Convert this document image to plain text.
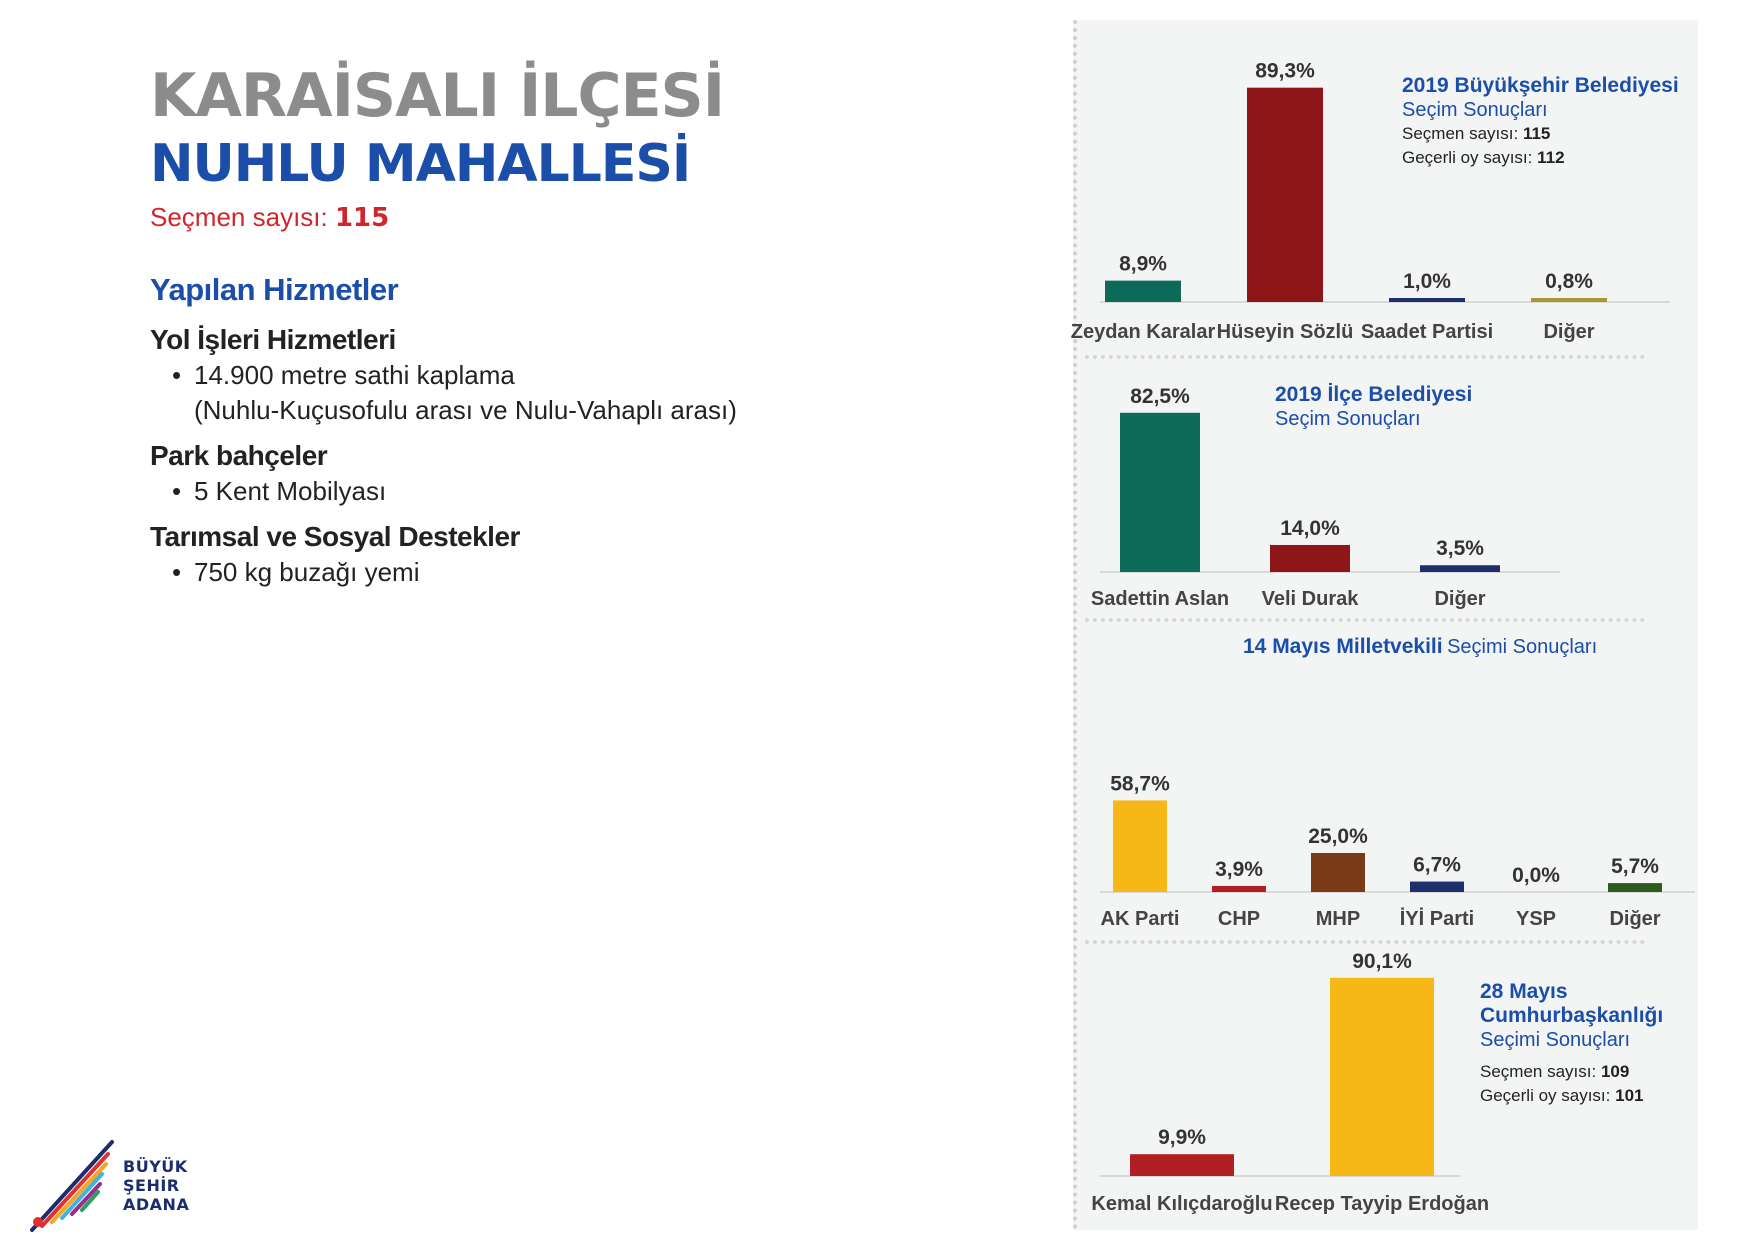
KARAİSALI İLÇESİ
NUHLU MAHALLESİ
Seçmen sayısı: 115
Yapılan Hizmetler
Yol İşleri Hizmetleri
• 14.900 metre sathi kaplama
(Nuhlu-Kuçusofulu arası ve Nulu-Vahaplı arası)
Park bahçeler
• 5 Kent Mobilyası
Tarımsal ve Sosyal Destekler
• 750 kg buzağı yemi
2019 Büyükşehir Belediyesi
Seçim Sonuçları
Seçmen sayısı: 115
Geçerli oy sayısı: 112
2019 İlçe Belediyesi
Seçim Sonuçları
14 Mayıs Milletvekili Seçimi Sonuçları
28 Mayıs
Cumhurbaşkanlığı
Seçimi Sonuçları
Seçmen sayısı: 109
Geçerli oy sayısı: 101
8,9%
Zeydan Karalar
89,3%
Hüseyin Sözlü
1,0%
Saadet Partisi
0,8%
Diğer
82,5%
Sadettin Aslan
14,0%
Veli Durak
3,5%
Diğer
58,7%
AK Parti
3,9%
CHP
25,0%
MHP
6,7%
İYİ Parti
0,0%
YSP
5,7%
Diğer
9,9%
Kemal Kılıçdaroğlu
90,1%
Recep Tayyip Erdoğan
BÜYÜK
ŞEHİR
ADANA
